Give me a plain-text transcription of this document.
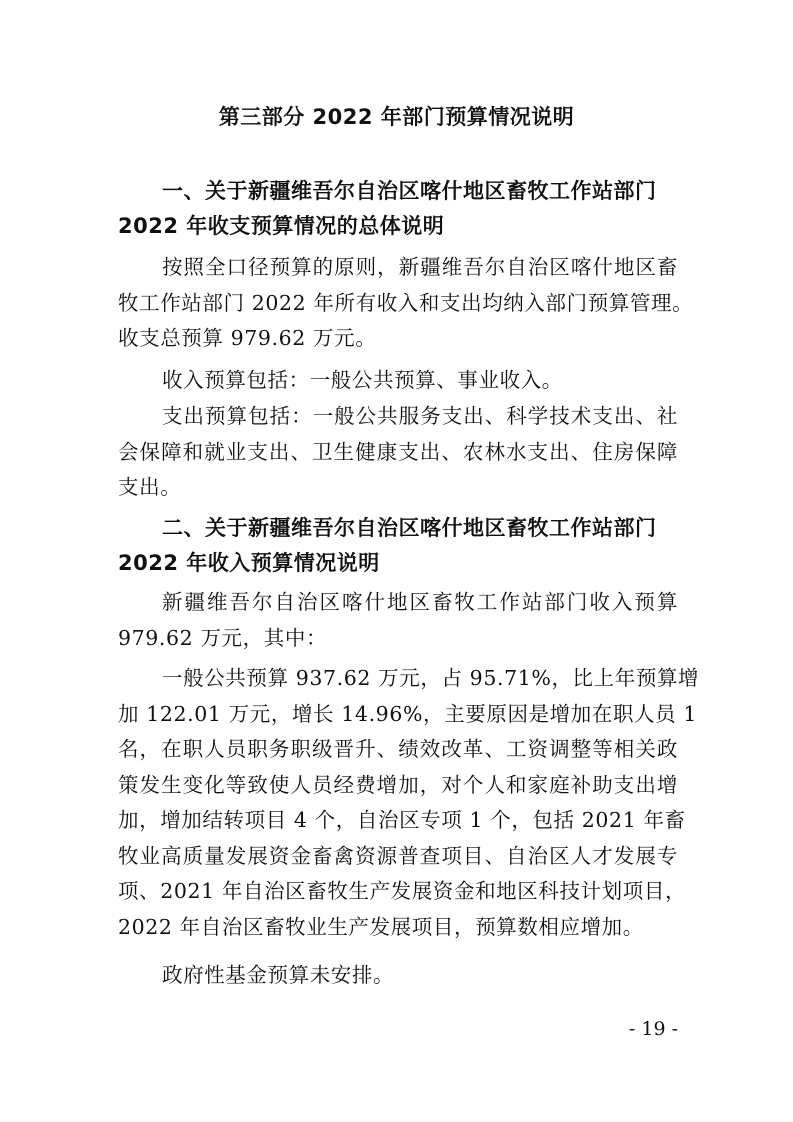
第三部分 2022 年部门预算情况说明
一、关于新疆维吾尔自治区喀什地区畜牧工作站部门
2022 年收支预算情况的总体说明
按照全口径预算的原则，新疆维吾尔自治区喀什地区畜
牧工作站部门 2022 年所有收入和支出均纳入部门预算管理。
收支总预算 979.62 万元。
收入预算包括：一般公共预算、事业收入。
支出预算包括：一般公共服务支出、科学技术支出、社
会保障和就业支出、卫生健康支出、农林水支出、住房保障
支出。
二、关于新疆维吾尔自治区喀什地区畜牧工作站部门
2022 年收入预算情况说明
新疆维吾尔自治区喀什地区畜牧工作站部门收入预算
979.62 万元，其中：
一般公共预算 937.62 万元，占 95.71%，比上年预算增
加 122.01 万元，增长 14.96%，主要原因是增加在职人员 1
名，在职人员职务职级晋升、绩效改革、工资调整等相关政
策发生变化等致使人员经费增加，对个人和家庭补助支出增
加，增加结转项目 4 个，自治区专项 1 个，包括 2021 年畜
牧业高质量发展资金畜禽资源普查项目、自治区人才发展专
项、2021 年自治区畜牧生产发展资金和地区科技计划项目，
2022 年自治区畜牧业生产发展项目，预算数相应增加。
政府性基金预算未安排。
- 19 -
